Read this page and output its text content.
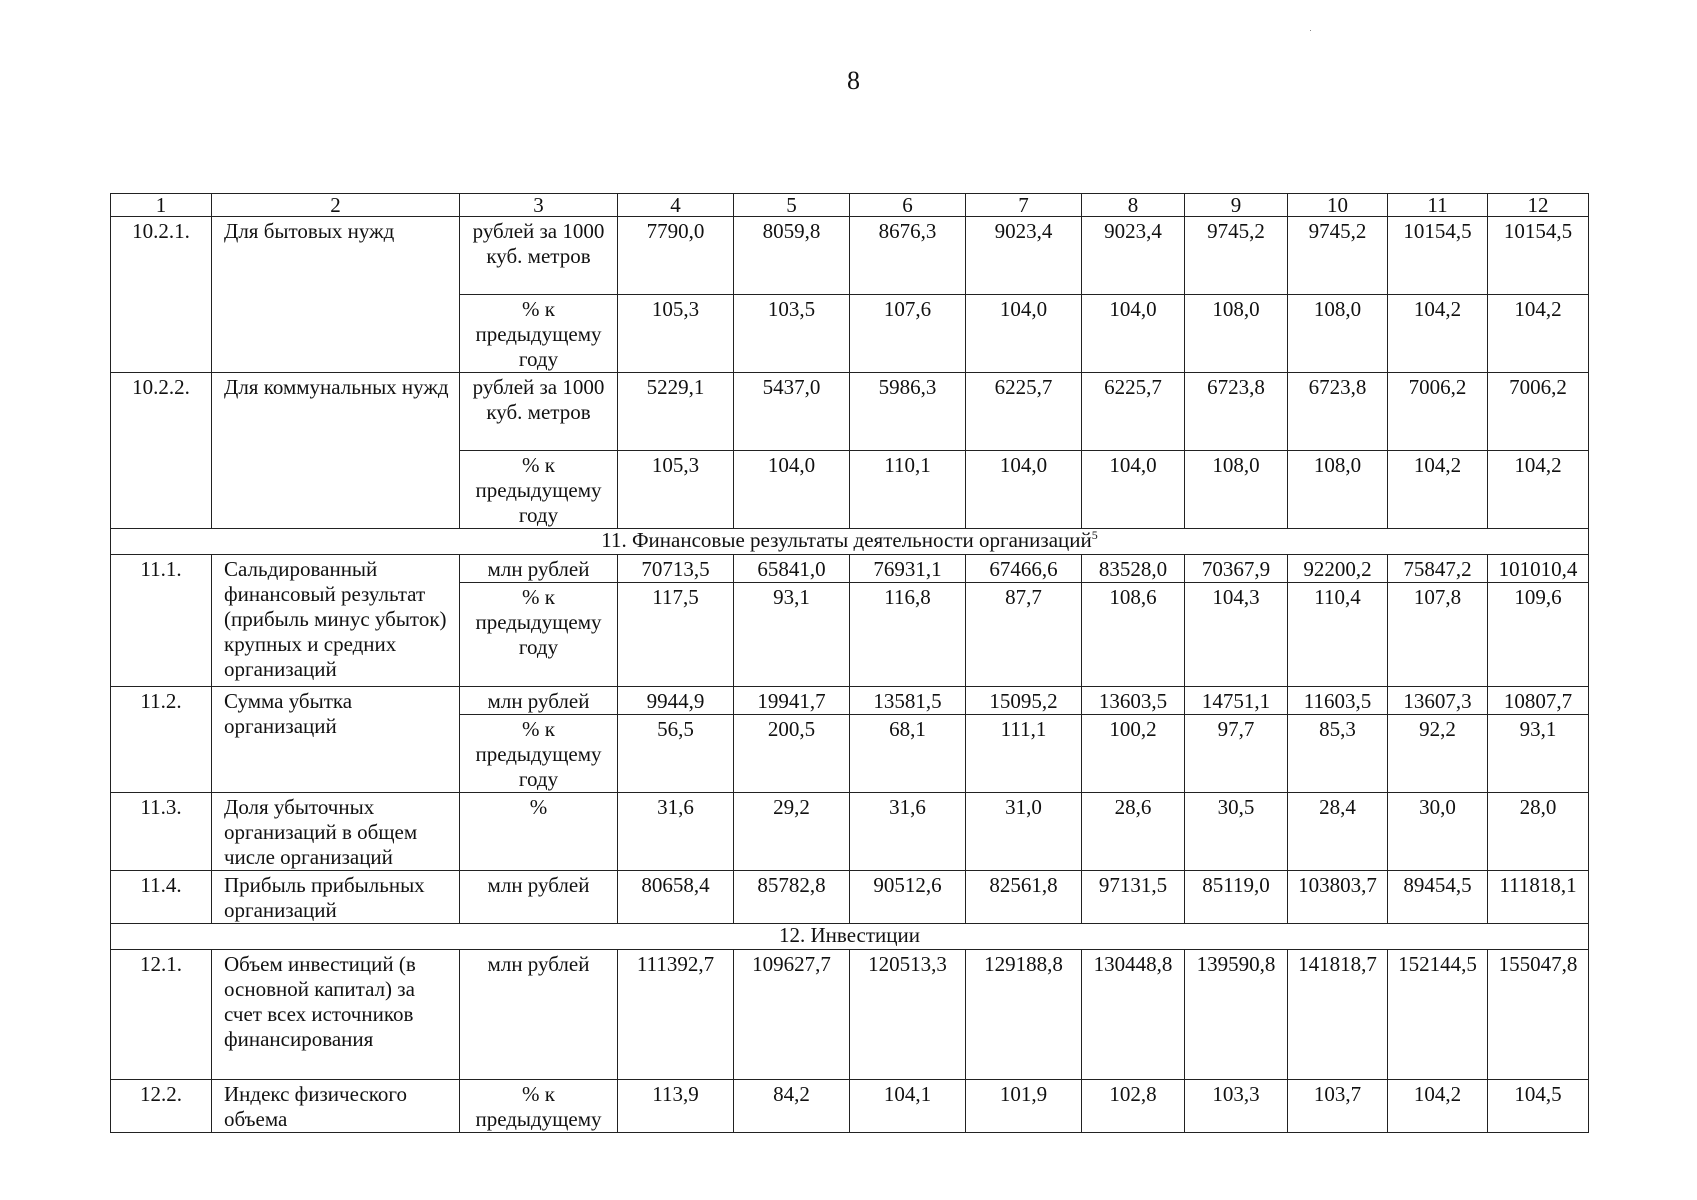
8
1	2	3	4	5	6	7	8	9	10	11	12
10.2.1.	Для бытовых нужд	рублей за 1000 куб. метров	7790,0	8059,8	8676,3	9023,4	9023,4	9745,2	9745,2	10154,5	10154,5
		% к предыдущему году	105,3	103,5	107,6	104,0	104,0	108,0	108,0	104,2	104,2
10.2.2.	Для коммунальных нужд	рублей за 1000 куб. метров	5229,1	5437,0	5986,3	6225,7	6225,7	6723,8	6723,8	7006,2	7006,2
		% к предыдущему году	105,3	104,0	110,1	104,0	104,0	108,0	108,0	104,2	104,2
11. Финансовые результаты деятельности организаций$^5$
11.1.	Сальдированный финансовый результат (прибыль минус убыток) крупных и средних организаций	млн рублей	70713,5	65841,0	76931,1	67466,6	83528,0	70367,9	92200,2	75847,2	101010,4
		% к предыдущему году	117,5	93,1	116,8	87,7	108,6	104,3	110,4	107,8	109,6
11.2.	Сумма убытка организаций	млн рублей	9944,9	19941,7	13581,5	15095,2	13603,5	14751,1	11603,5	13607,3	10807,7
		% к предыдущему году	56,5	200,5	68,1	111,1	100,2	97,7	85,3	92,2	93,1
11.3.	Доля убыточных организаций в общем числе организаций	%	31,6	29,2	31,6	31,0	28,6	30,5	28,4	30,0	28,0
11.4.	Прибыль прибыльных организаций	млн рублей	80658,4	85782,8	90512,6	82561,8	97131,5	85119,0	103803,7	89454,5	111818,1
12. Инвестиции											
12.1.	Объем инвестиций (в основной капитал) за счет всех источников финансирования	млн рублей	111392,7	109627,7	120513,3	129188,8	130448,8	139590,8	141818,7	152144,5	155047,8
12.2.	Индекс физического объема	% к предыдущему	113,9	84,2	104,1	101,9	102,8	103,3	103,7	104,2	104,5
